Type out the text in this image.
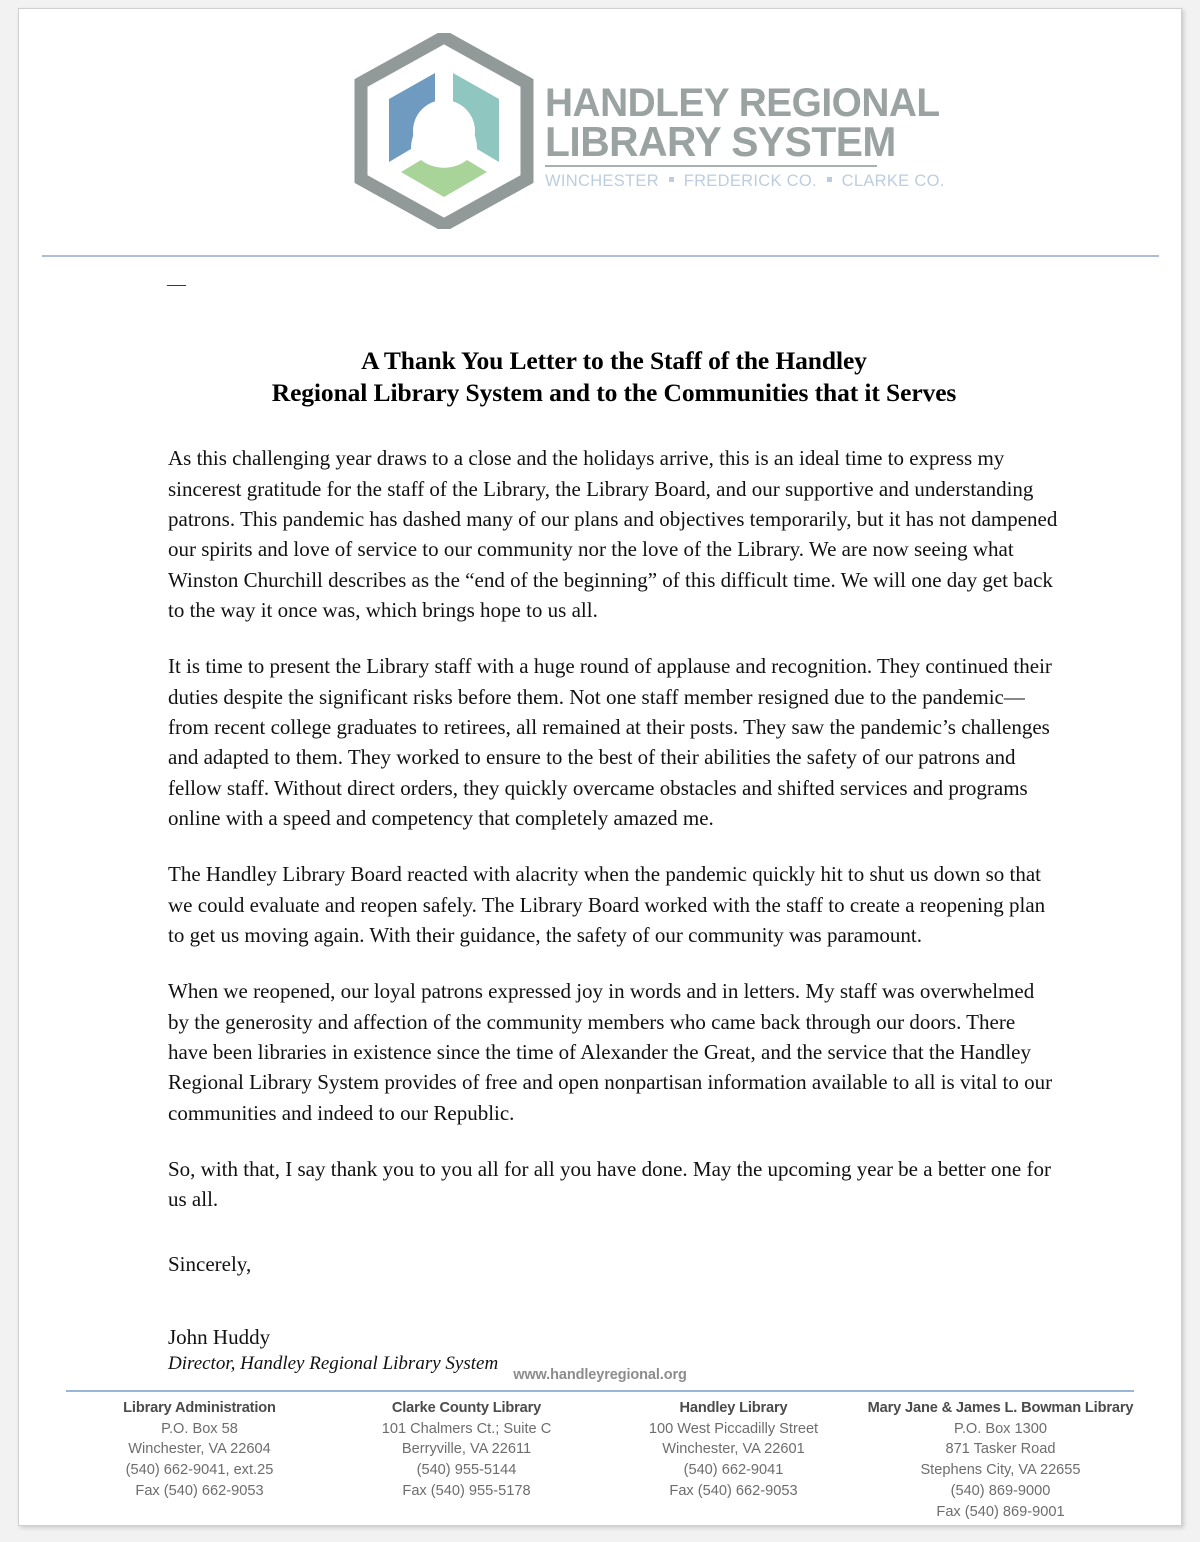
HANDLEY REGIONAL
LIBRARY SYSTEM
WINCHESTER FREDERICK CO. CLARKE CO.
—
A Thank You Letter to the Staff of the Handley
Regional Library System and to the Communities that it Serves

As this challenging year draws to a close and the holidays arrive, this is an ideal time to express my sincerest gratitude for the staff of the Library, the Library Board, and our supportive and understanding patrons. This pandemic has dashed many of our plans and objectives temporarily, but it has not dampened our spirits and love of service to our community nor the love of the Library. We are now seeing what Winston Churchill describes as the “end of the beginning” of this difficult time. We will one day get back to the way it once was, which brings hope to us all.

It is time to present the Library staff with a huge round of applause and recognition. They continued their duties despite the significant risks before them. Not one staff member resigned due to the pandemic—from recent college graduates to retirees, all remained at their posts. They saw the pandemic’s challenges and adapted to them. They worked to ensure to the best of their abilities the safety of our patrons and fellow staff. Without direct orders, they quickly overcame obstacles and shifted services and programs online with a speed and competency that completely amazed me.

The Handley Library Board reacted with alacrity when the pandemic quickly hit to shut us down so that we could evaluate and reopen safely. The Library Board worked with the staff to create a reopening plan to get us moving again. With their guidance, the safety of our community was paramount.

When we reopened, our loyal patrons expressed joy in words and in letters. My staff was overwhelmed by the generosity and affection of the community members who came back through our doors. There have been libraries in existence since the time of Alexander the Great, and the service that the Handley Regional Library System provides of free and open nonpartisan information available to all is vital to our communities and indeed to our Republic.

So, with that, I say thank you to you all for all you have done. May the upcoming year be a better one for us all.

Sincerely,
John Huddy
Director, Handley Regional Library System
www.handleyregional.org
Library Administration
P.O. Box 58
Winchester, VA 22604
(540) 662-9041, ext.25
Fax (540) 662-9053
Clarke County Library
101 Chalmers Ct.; Suite C
Berryville, VA 22611
(540) 955-5144
Fax (540) 955-5178
Handley Library
100 West Piccadilly Street
Winchester, VA 22601
(540) 662-9041
Fax (540) 662-9053
Mary Jane & James L. Bowman Library
P.O. Box 1300
871 Tasker Road
Stephens City, VA 22655
(540) 869-9000
Fax (540) 869-9001
